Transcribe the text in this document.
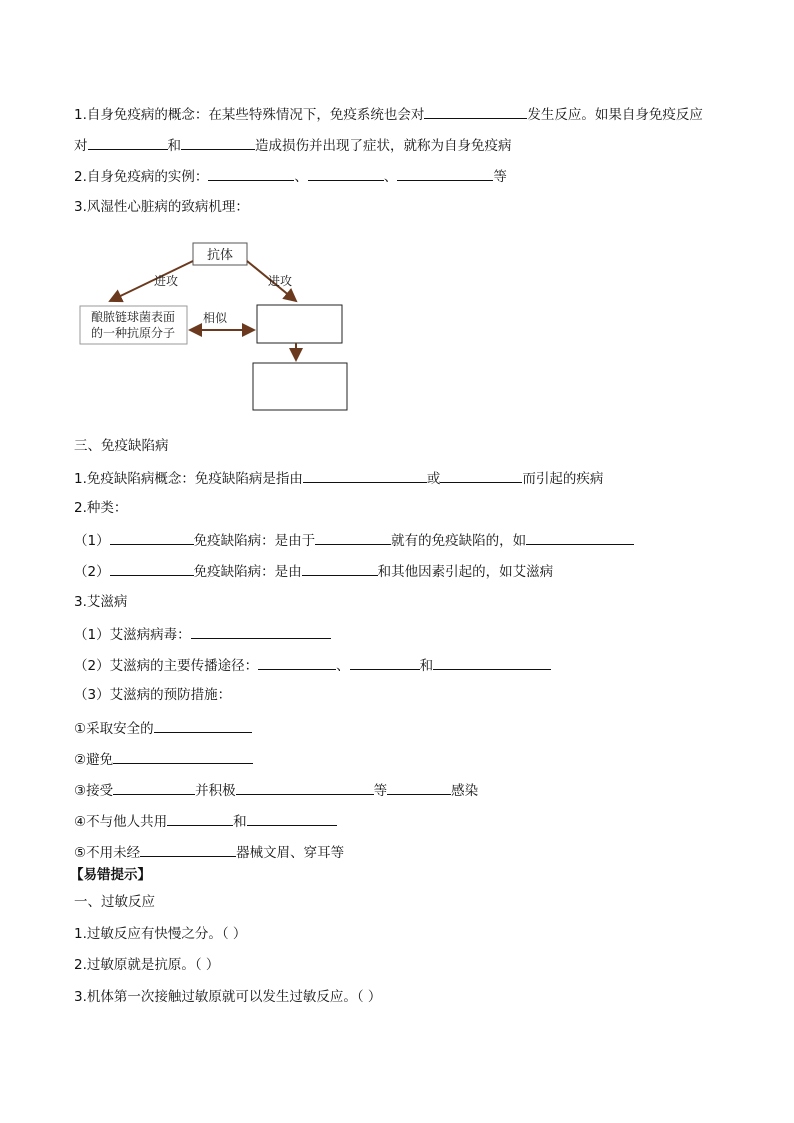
1.自身免疫病的概念：在某些特殊情况下，免疫系统也会对	发生反应。如果自身免疫反应
对	和	造成损伤并出现了症状，就称为自身免疫病
2.自身免疫病的实例：	、	、	等
3.风湿性心脏病的致病机理：
抗体
进攻	进攻
酿脓链球菌表面
的一种抗原分子
相似
三、免疫缺陷病
1.免疫缺陷病概念：免疫缺陷病是指由	或	而引起的疾病
2.种类：
（1）	免疫缺陷病：是由于	就有的免疫缺陷的，如
（2）	免疫缺陷病：是由	和其他因素引起的，如艾滋病
3.艾滋病
（1）艾滋病病毒：
（2）艾滋病的主要传播途径：	、	和
（3）艾滋病的预防措施：
①采取安全的
②避免
③接受	并积极	等	感染
④不与他人共用	和
⑤不用未经	器械文眉、穿耳等
【易错提示】
一、过敏反应
1.过敏反应有快慢之分。（ ）
2.过敏原就是抗原。（ ）
3.机体第一次接触过敏原就可以发生过敏反应。（ ）
